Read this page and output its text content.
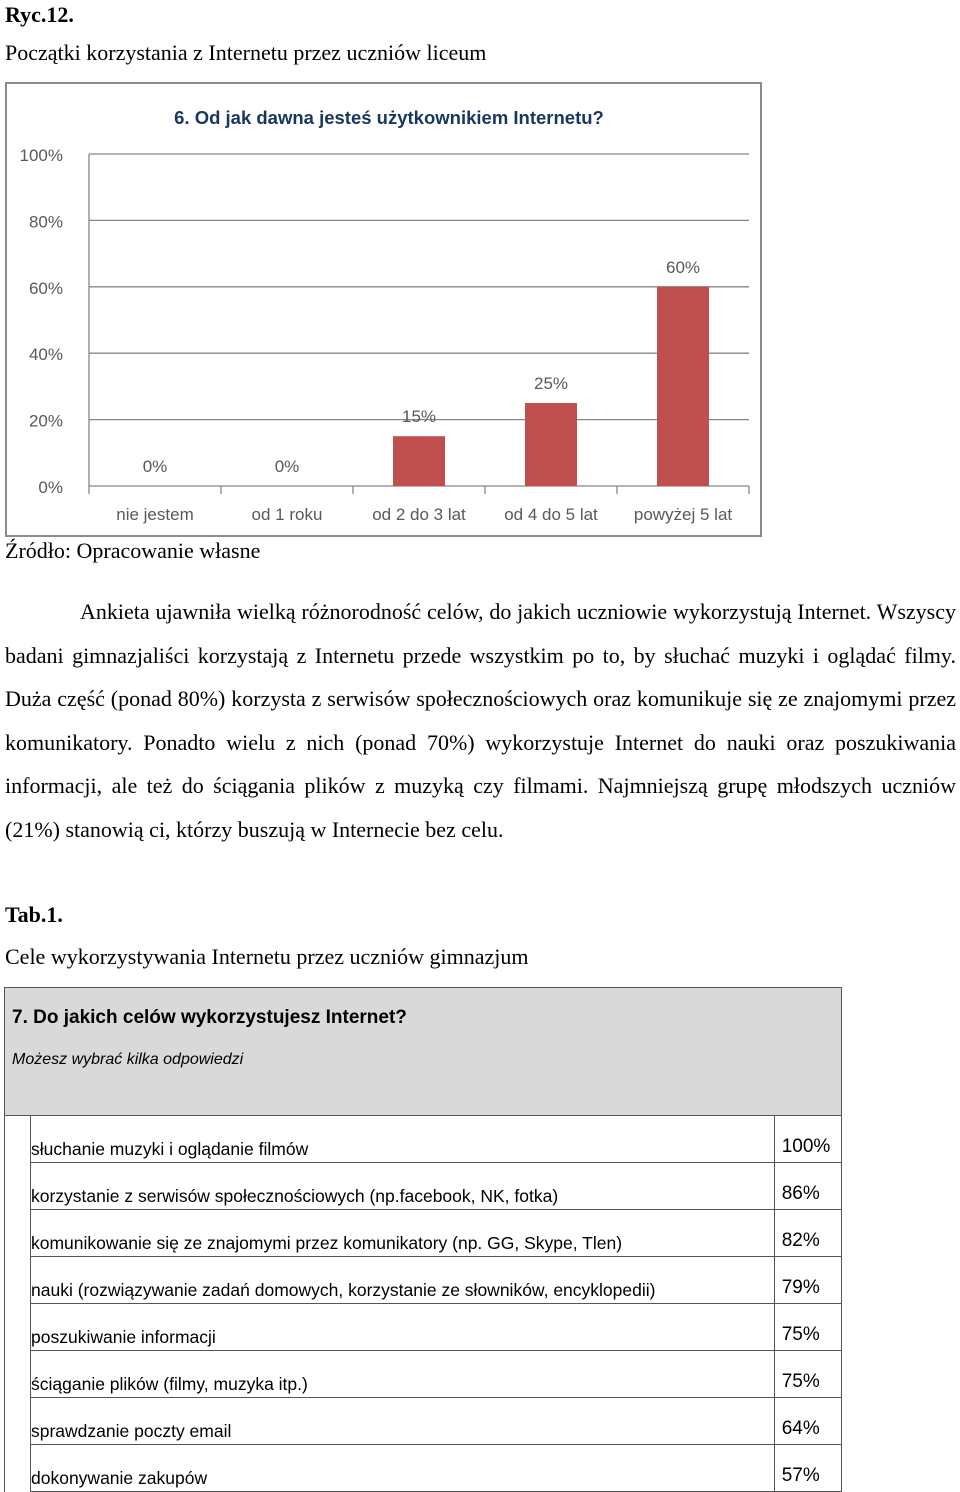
Ryc.12.
Początki korzystania z Internetu przez uczniów liceum
6. Od jak dawna jesteś użytkownikiem Internetu?
0%
20%
40%
60%
80%
100%
0%
nie jestem
0%
od 1 roku
15%
od 2 do 3 lat
25%
od 4 do 5 lat
60%
powyżej 5 lat
Źródło: Opracowanie własne

Ankieta ujawniła wielką różnorodność celów, do jakich uczniowie wykorzystują Internet. Wszyscy badani gimnazjaliści korzystają z Internetu przede wszystkim po to, by słuchać muzyki i oglądać filmy. Duża część (ponad 80%) korzysta z serwisów społecznościowych oraz komunikuje się ze znajomymi przez komunikatory. Ponadto wielu z nich (ponad 70%) wykorzystuje Internet do nauki oraz poszukiwania informacji, ale też do ściągania plików z muzyką czy filmami. Najmniejszą grupę młodszych uczniów (21%) stanowią ci, którzy buszują w Internecie bez celu.

Tab.1.
Cele wykorzystywania Internetu przez uczniów gimnazjum
7. Do jakich celów wykorzystujesz Internet?
Możesz wybrać kilka odpowiedzi		

	słuchanie muzyki i oglądanie filmów	100%
	korzystanie z serwisów społecznościowych (np.facebook, NK, fotka)	86%
	komunikowanie się ze znajomymi przez komunikatory (np. GG, Skype, Tlen)	82%
	nauki (rozwiązywanie zadań domowych, korzystanie ze słowników, encyklopedii)	79%
	poszukiwanie informacji	75%
	ściąganie plików (filmy, muzyka itp.)	75%
	sprawdzanie poczty email	64%
	dokonywanie zakupów	57%
